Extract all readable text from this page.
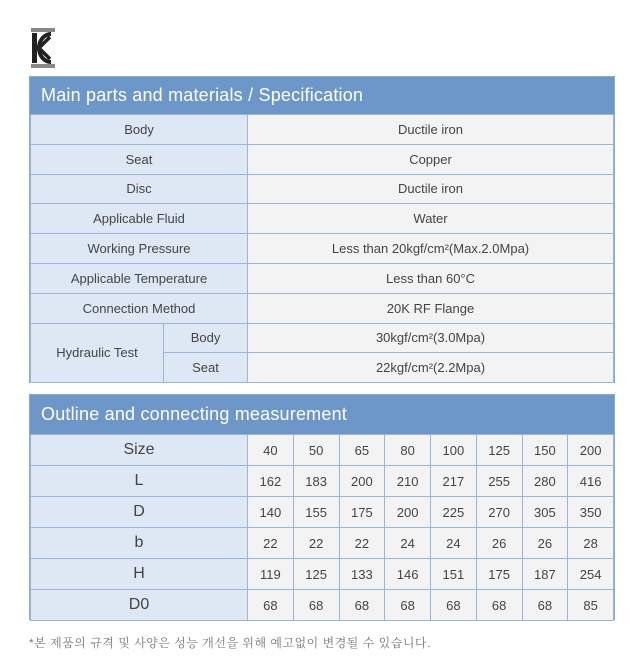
Main parts and materials / Specification
Body		Ductile iron
Seat		Copper
Disc		Ductile iron
Applicable Fluid		Water
Working Pressure		Less than 20kgf/cm²(Max.2.0Mpa)
Applicable Temperature		Less than 60°C
Connection Method		20K RF Flange
Hydraulic Test	Body	30kgf/cm²(3.0Mpa)
	Seat	22kgf/cm²(2.2Mpa)
Outline and connecting measurement
Size	40	50	65	80	100	125	150	200
L	162	183	200	210	217	255	280	416
D	140	155	175	200	225	270	305	350
b	22	22	22	24	24	26	26	28
H	119	125	133	146	151	175	187	254
D0	68	68	68	68	68	68	68	85
*본 제품의 규격 및 사양은 성능 개선을 위해 예고없이 변경될 수 있습니다.
